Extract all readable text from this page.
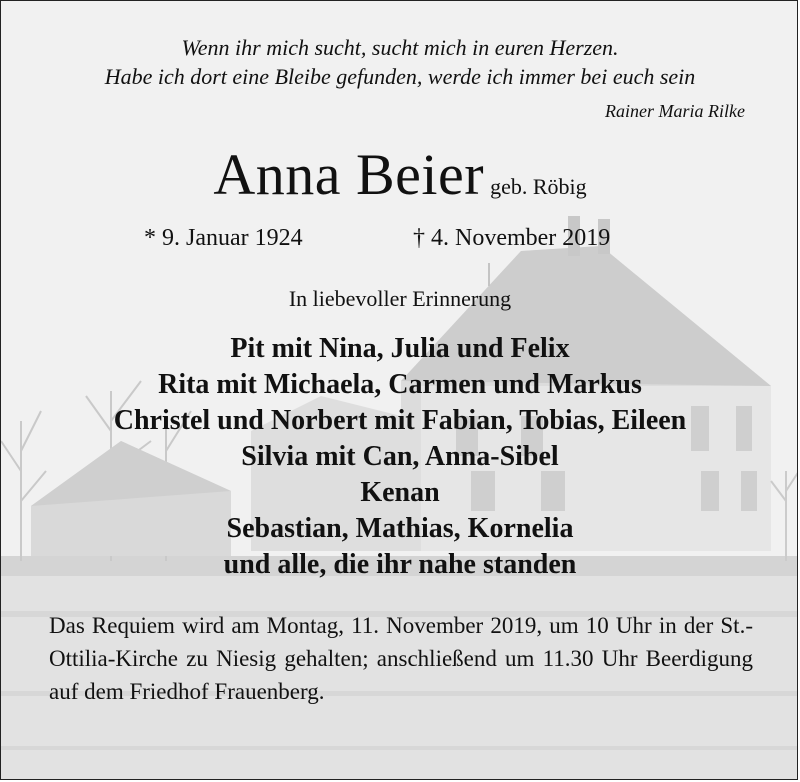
Wenn ihr mich sucht, sucht mich in euren Herzen.
Habe ich dort eine Bleibe gefunden, werde ich immer bei euch sein
Rainer Maria Rilke
Anna Beier geb. Röbig
* 9. Januar 1924	† 4. November 2019
In liebevoller Erinnerung
Pit mit Nina, Julia und Felix
Rita mit Michaela, Carmen und Markus
Christel und Norbert mit Fabian, Tobias, Eileen
Silvia mit Can, Anna-Sibel
Kenan
Sebastian, Mathias, Kornelia
und alle, die ihr nahe standen
Das Requiem wird am Montag, 11. November 2019, um 10 Uhr in der St.-Ottilia-Kirche zu Niesig gehalten; anschließend um 11.30 Uhr Beerdigung auf dem Friedhof Frauenberg.
